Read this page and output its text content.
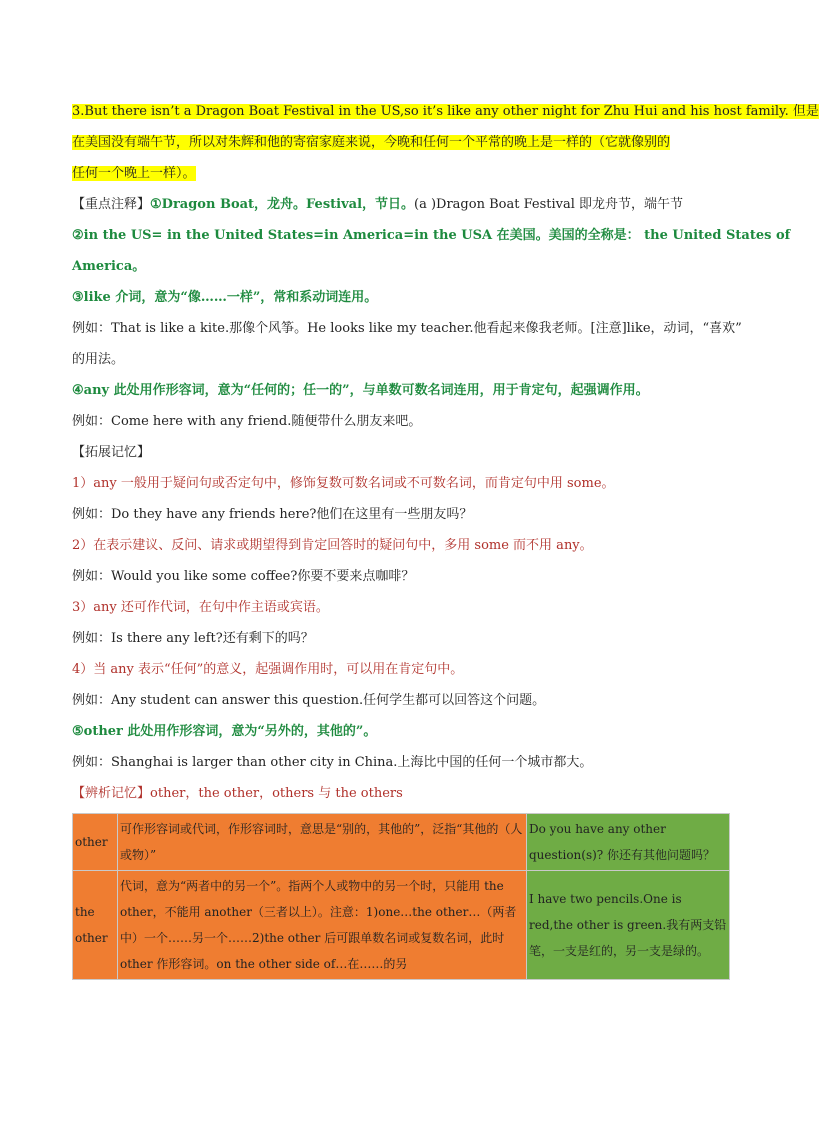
3.But there isn’t a Dragon Boat Festival in the US,so it’s like any other night for Zhu Hui and his host family. 但是
在美国没有端午节，所以对朱辉和他的寄宿家庭来说，今晚和任何一个平常的晚上是一样的（它就像别的
任何一个晚上一样）。
【重点注释】①Dragon Boat，龙舟。Festival，节日。(a )Dragon Boat Festival 即龙舟节，端午节
②in the US= in the United States=in America=in the USA 在美国。美国的全称是： the United States of
America。
③like 介词，意为“像……一样”，常和系动词连用。
例如：That is like a kite.那像个风筝。He looks like my teacher.他看起来像我老师。[注意]like，动词，“喜欢”
的用法。
④any 此处用作形容词，意为“任何的；任一的”，与单数可数名词连用，用于肯定句，起强调作用。
例如：Come here with any friend.随便带什么朋友来吧。
【拓展记忆】
1）any 一般用于疑问句或否定句中，修饰复数可数名词或不可数名词，而肯定句中用 some。
例如：Do they have any friends here?他们在这里有一些朋友吗？
2）在表示建议、反问、请求或期望得到肯定回答时的疑问句中，多用 some 而不用 any。
例如：Would you like some coffee?你要不要来点咖啡？
3）any 还可作代词，在句中作主语或宾语。
例如：Is there any left?还有剩下的吗？
4）当 any 表示“任何”的意义，起强调作用时，可以用在肯定句中。
例如：Any student can answer this question.任何学生都可以回答这个问题。
⑤other 此处用作形容词，意为“另外的，其他的”。
例如：Shanghai is larger than other city in China.上海比中国的任何一个城市都大。
【辨析记忆】other，the other，others 与 the others
other	可作形容词或代词，作形容词时，意思是“别的，其他的”，泛指“其他的（人或物）”	Do you have any other question(s)? 你还有其他问题吗？

the other	代词，意为“两者中的另一个”。指两个人或物中的另一个时，只能用 the other，不能用 another（三者以上）。注意：1)one…the other…（两者中）一个……另一个……2)the other 后可跟单数名词或复数名词，此时 other 作形容词。on the other side of…在……的另	I have two pencils.One is red,the other is green.我有两支铅笔，一支是红的，另一支是绿的。
